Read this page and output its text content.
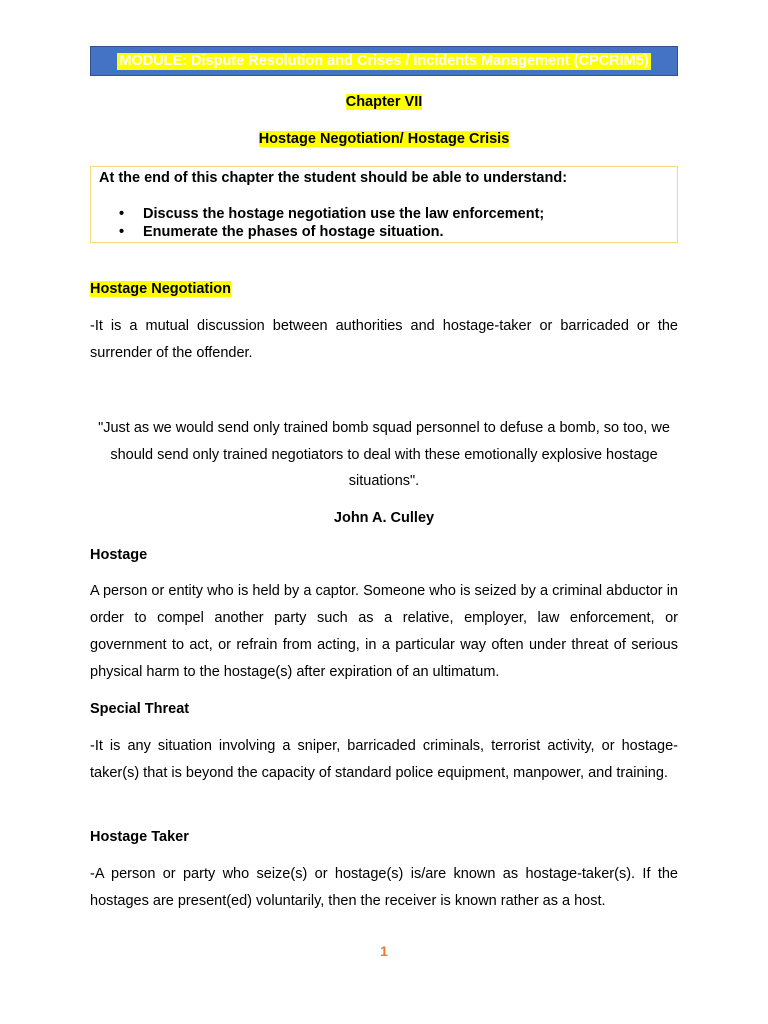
MODULE: Dispute Resolution and Crises / Incidents Management (CPCRIM5)
Chapter VII
Hostage Negotiation/ Hostage Crisis
At the end of this chapter the student should be able to understand:
• Discuss the hostage negotiation use the law enforcement;
• Enumerate the phases of hostage situation.
Hostage Negotiation
-It is a mutual discussion between authorities and hostage-taker or barricaded or the surrender of the offender.
"Just as we would send only trained bomb squad personnel to defuse a bomb, so too, we should send only trained negotiators to deal with these emotionally explosive hostage situations".
John A. Culley
Hostage
A person or entity who is held by a captor. Someone who is seized by a criminal abductor in order to compel another party such as a relative, employer, law enforcement, or government to act, or refrain from acting, in a particular way often under threat of serious physical harm to the hostage(s) after expiration of an ultimatum.
Special Threat
-It is any situation involving a sniper, barricaded criminals, terrorist activity, or hostage-taker(s) that is beyond the capacity of standard police equipment, manpower, and training.
Hostage Taker
-A person or party who seize(s) or hostage(s) is/are known as hostage-taker(s). If the hostages are present(ed) voluntarily, then the receiver is known rather as a host.
1
